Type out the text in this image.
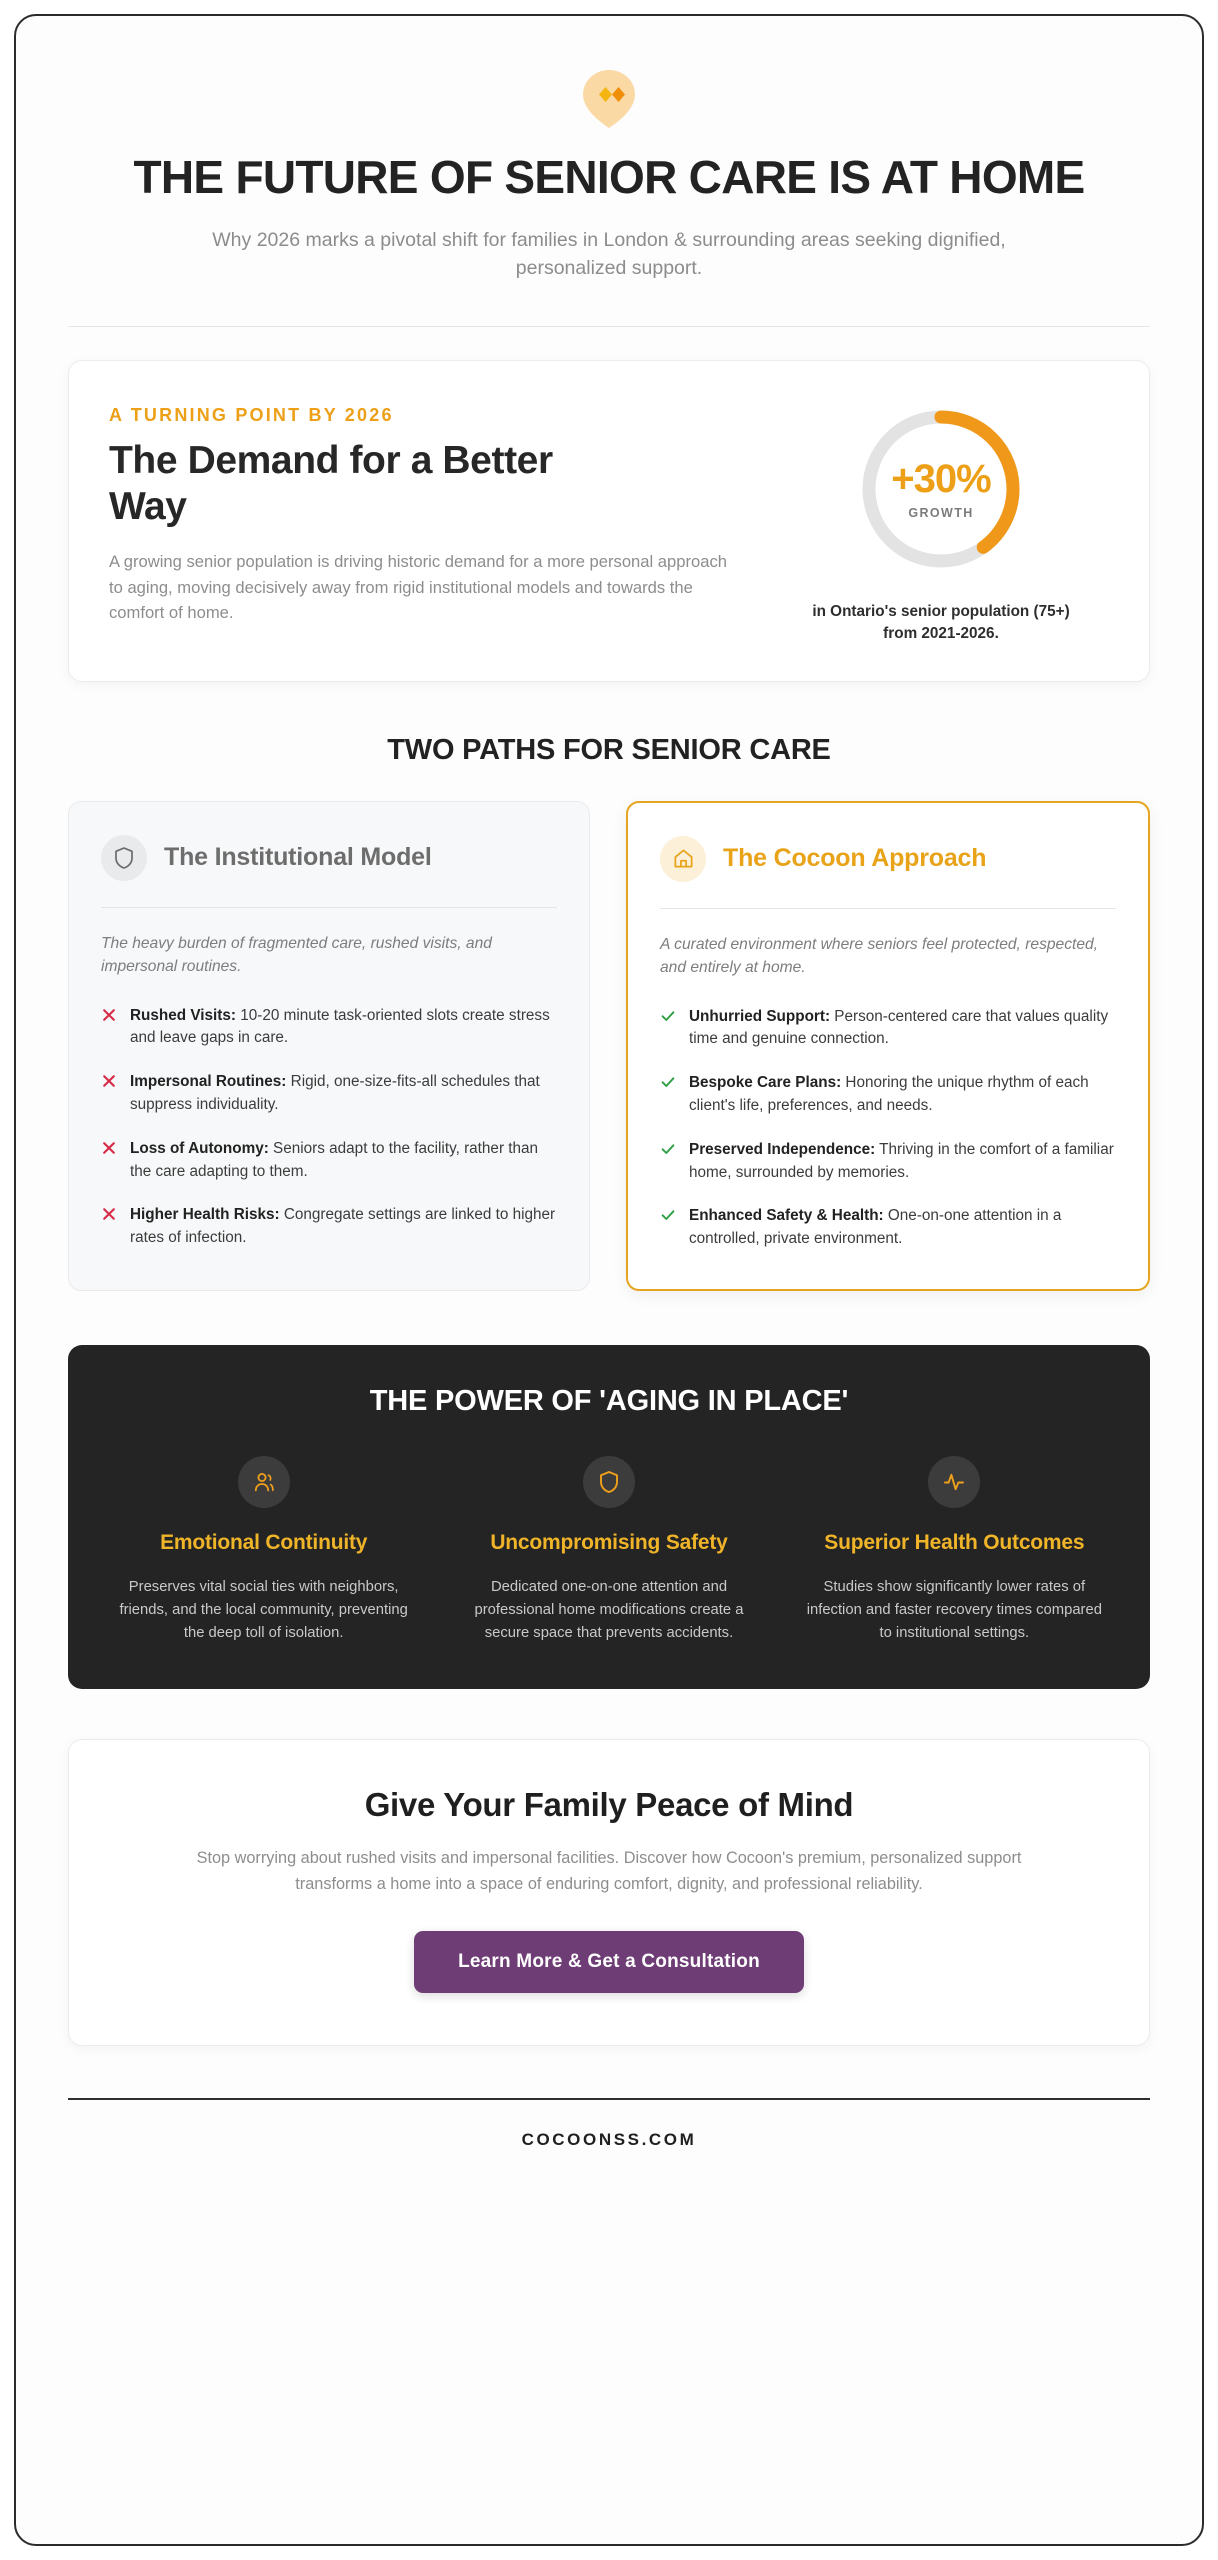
THE FUTURE OF SENIOR CARE IS AT HOME

Why 2026 marks a pivotal shift for families in London & surrounding areas seeking dignified, personalized support.

A TURNING POINT BY 2026
The Demand for a Better Way
A growing senior population is driving historic demand for a more personal approach to aging, moving decisively away from rigid institutional models and towards the comfort of home.
+30%
GROWTH
in Ontario's senior population (75+) from 2021-2026.
TWO PATHS FOR SENIOR CARE
The Institutional Model

The heavy burden of fragmented care, rushed visits, and impersonal routines.

Rushed Visits: 10-20 minute task-oriented slots create stress and leave gaps in care.
Impersonal Routines: Rigid, one-size-fits-all schedules that suppress individuality.
Loss of Autonomy: Seniors adapt to the facility, rather than the care adapting to them.
Higher Health Risks: Congregate settings are linked to higher rates of infection.
The Cocoon Approach

A curated environment where seniors feel protected, respected, and entirely at home.

Unhurried Support: Person-centered care that values quality time and genuine connection.
Bespoke Care Plans: Honoring the unique rhythm of each client's life, preferences, and needs.
Preserved Independence: Thriving in the comfort of a familiar home, surrounded by memories.
Enhanced Safety & Health: One-on-one attention in a controlled, private environment.
THE POWER OF 'AGING IN PLACE'
Emotional Continuity
Preserves vital social ties with neighbors, friends, and the local community, preventing the deep toll of isolation.
Uncompromising Safety
Dedicated one-on-one attention and professional home modifications create a secure space that prevents accidents.
Superior Health Outcomes
Studies show significantly lower rates of infection and faster recovery times compared to institutional settings.
Give Your Family Peace of Mind

Stop worrying about rushed visits and impersonal facilities. Discover how Cocoon's premium, personalized support transforms a home into a space of enduring comfort, dignity, and professional reliability.

Learn More & Get a Consultation
COCOONSS.COM
